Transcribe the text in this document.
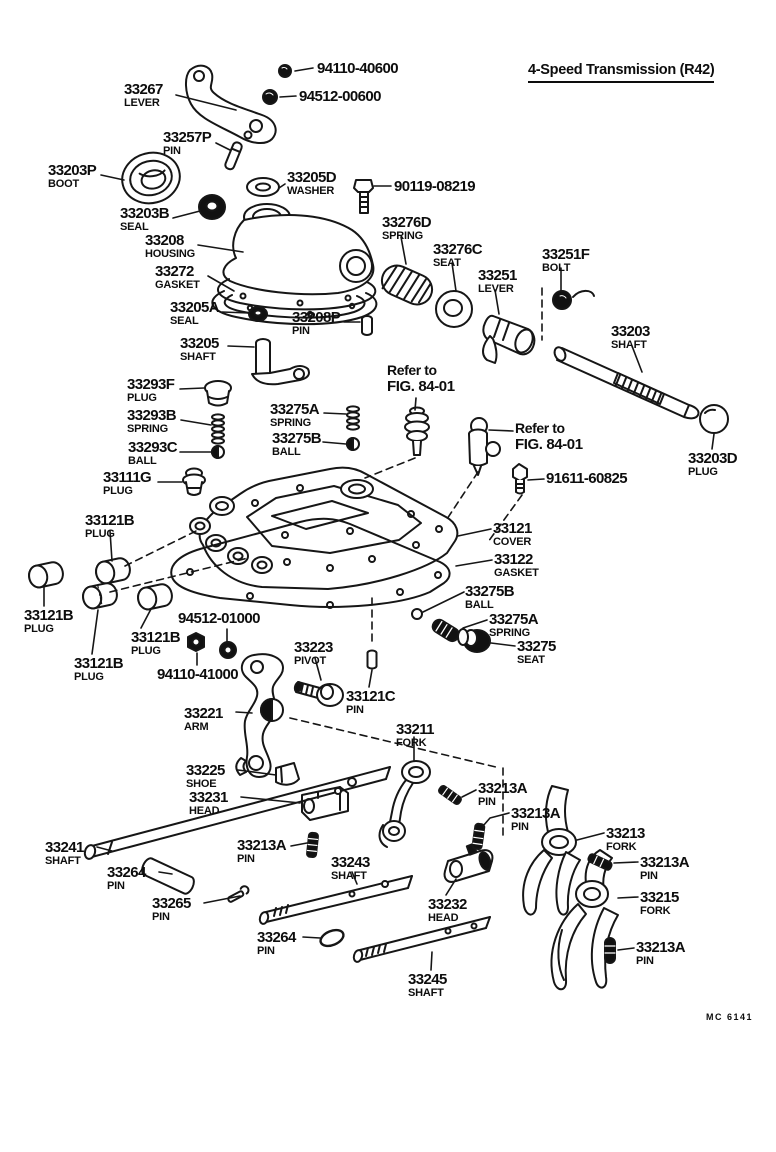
4-Speed Transmission (R42)
94110-40600
94512-00600
33267
LEVER
33257P
PIN
33203P
BOOT	33205D
WASHER	90119-08219
33203B
SEAL	33276D
SPRING
33208
HOUSING	33276C
SEAT	33251F
BOLT
33272
GASKET
33251
LEVER
33205A
SEAL	33208P
PIN	33203
SHAFT
33205
SHAFT
33293F
PLUG
Refer to
FIG. 84-01
33275A
SPRING
33293B
SPRING
33275B
BALL
33293C
BALL
Refer to
FIG. 84-01
33203D
PLUG
33111G
PLUG
91611-60825
33121B
PLUG	33121
COVER
33122
GASKET
33275B
BALL
33121B
PLUG
94512-01000	33275A
SPRING
33121B
PLUG	33275
SEAT
33223
PIVOT
33121B
PLUG	94110-41000
33121C
PIN
33221
ARM	33211
FORK
33225
SHOE
33231
HEAD
33213A
PIN
33213A
PIN	33213
FORK
33213A
PIN
33241
SHAFT	33243
SHAFT
33213A
PIN
33264
PIN
33215
FORK
33232
HEAD
33265
PIN
33264
PIN	33213A
PIN
33245
SHAFT
MC 6141
